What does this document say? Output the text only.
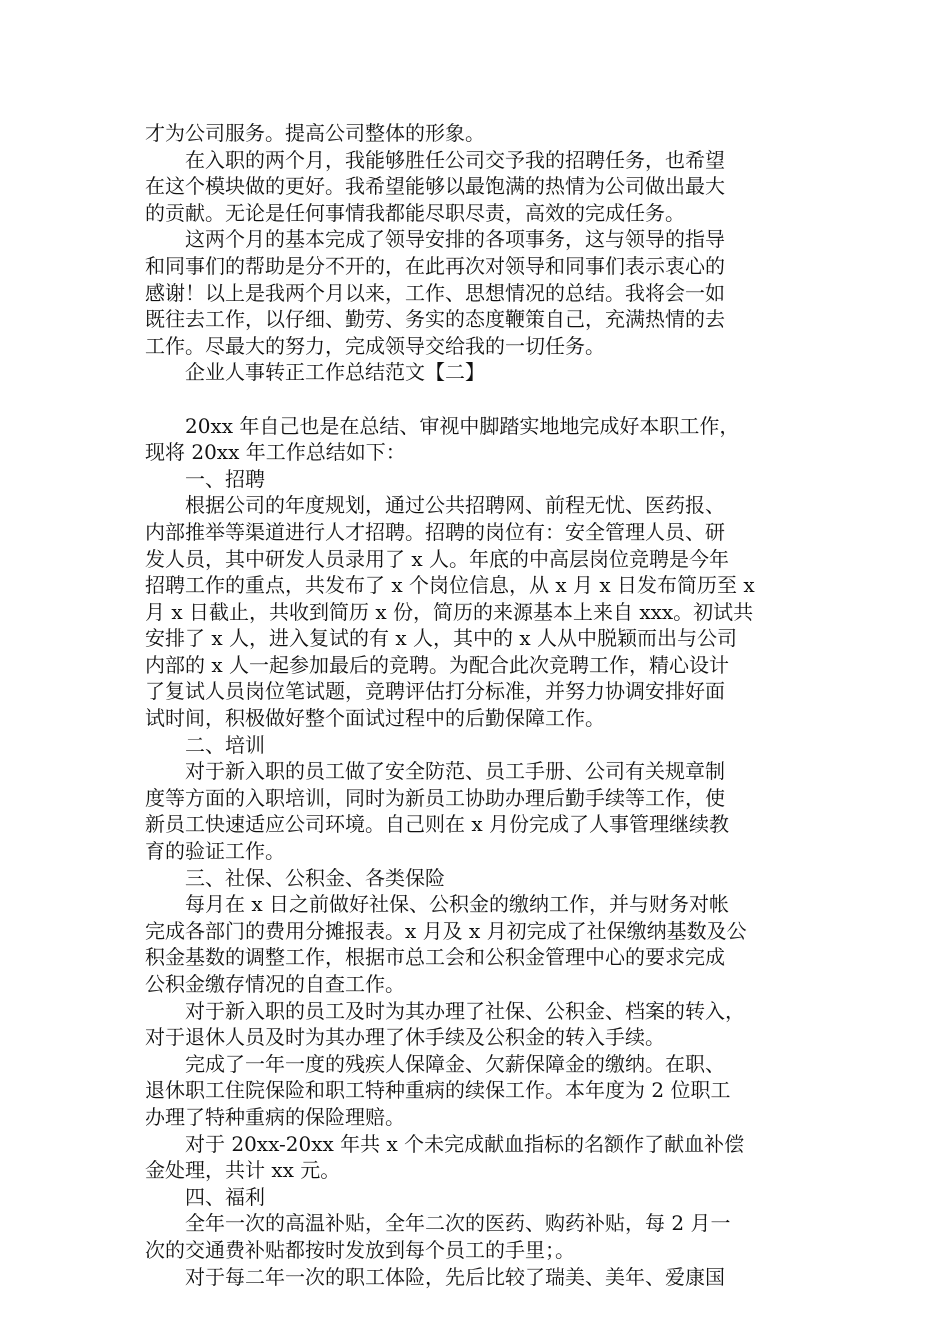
才为公司服务。提高公司整体的形象。
　　在入职的两个月，我能够胜任公司交予我的招聘任务，也希望
在这个模块做的更好。我希望能够以最饱满的热情为公司做出最大
的贡献。无论是任何事情我都能尽职尽责，高效的完成任务。
　　这两个月的基本完成了领导安排的各项事务，这与领导的指导
和同事们的帮助是分不开的，在此再次对领导和同事们表示衷心的
感谢！以上是我两个月以来，工作、思想情况的总结。我将会一如
既往去工作，以仔细、勤劳、务实的态度鞭策自己，充满热情的去
工作。尽最大的努力，完成领导交给我的一切任务。
　　企业人事转正工作总结范文【二】
　　20xx 年自己也是在总结、审视中脚踏实地地完成好本职工作，
现将 20xx 年工作总结如下：
　　一、招聘
　　根据公司的年度规划，通过公共招聘网、前程无忧、医药报、
内部推举等渠道进行人才招聘。招聘的岗位有：安全管理人员、研
发人员，其中研发人员录用了 x 人。年底的中高层岗位竞聘是今年
招聘工作的重点，共发布了 x 个岗位信息，从 x 月 x 日发布简历至 x
月 x 日截止，共收到简历 x 份，简历的来源基本上来自 xxx。初试共
安排了 x 人，进入复试的有 x 人，其中的 x 人从中脱颖而出与公司
内部的 x 人一起参加最后的竞聘。为配合此次竞聘工作，精心设计
了复试人员岗位笔试题，竞聘评估打分标准，并努力协调安排好面
试时间，积极做好整个面试过程中的后勤保障工作。
　　二、培训
　　对于新入职的员工做了安全防范、员工手册、公司有关规章制
度等方面的入职培训，同时为新员工协助办理后勤手续等工作，使
新员工快速适应公司环境。自己则在 x 月份完成了人事管理继续教
育的验证工作。
　　三、社保、公积金、各类保险
　　每月在 x 日之前做好社保、公积金的缴纳工作，并与财务对帐
完成各部门的费用分摊报表。x 月及 x 月初完成了社保缴纳基数及公
积金基数的调整工作，根据市总工会和公积金管理中心的要求完成
公积金缴存情况的自查工作。
　　对于新入职的员工及时为其办理了社保、公积金、档案的转入，
对于退休人员及时为其办理了休手续及公积金的转入手续。
　　完成了一年一度的残疾人保障金、欠薪保障金的缴纳。在职、
退休职工住院保险和职工特种重病的续保工作。本年度为 2 位职工
办理了特种重病的保险理赔。
　　对于 20xx-20xx 年共 x 个未完成献血指标的名额作了献血补偿
金处理，共计 xx 元。
　　四、福利
　　全年一次的高温补贴，全年二次的医药、购药补贴，每 2 月一
次的交通费补贴都按时发放到每个员工的手里；。
　　对于每二年一次的职工体险，先后比较了瑞美、美年、爱康国
